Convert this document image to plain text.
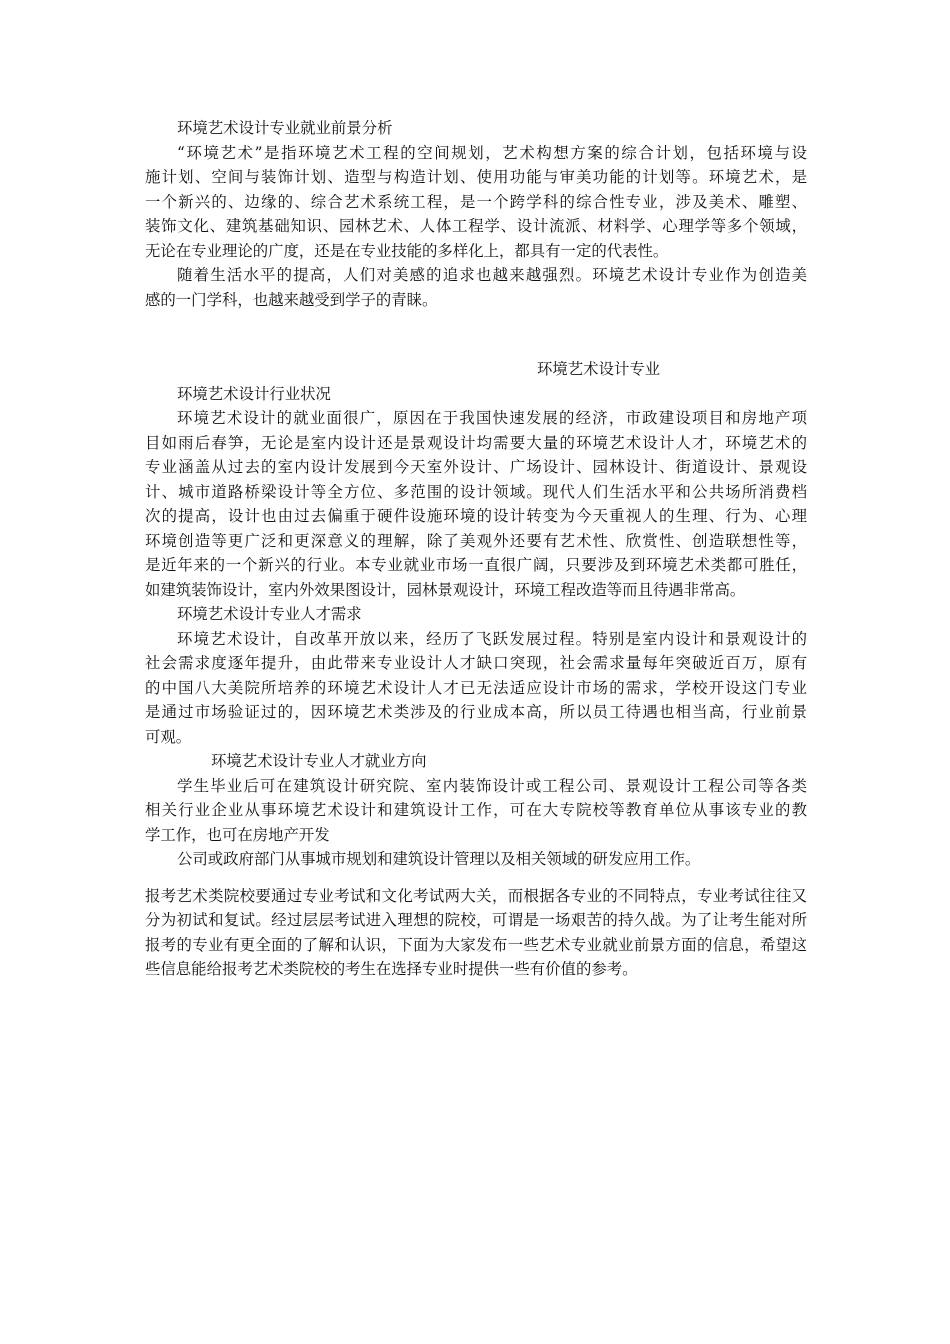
环境艺术设计专业就业前景分析
“环境艺术”是指环境艺术工程的空间规划，艺术构想方案的综合计划，包括环境与设
施计划、空间与装饰计划、造型与构造计划、使用功能与审美功能的计划等。环境艺术，是
一个新兴的、边缘的、综合艺术系统工程，是一个跨学科的综合性专业，涉及美术、雕塑、
装饰文化、建筑基础知识、园林艺术、人体工程学、设计流派、材料学、心理学等多个领域，
无论在专业理论的广度，还是在专业技能的多样化上，都具有一定的代表性。
随着生活水平的提高，人们对美感的追求也越来越强烈。环境艺术设计专业作为创造美
感的一门学科，也越来越受到学子的青睐。
环境艺术设计专业
环境艺术设计行业状况
环境艺术设计的就业面很广，原因在于我国快速发展的经济，市政建设项目和房地产项
目如雨后春笋，无论是室内设计还是景观设计均需要大量的环境艺术设计人才，环境艺术的
专业涵盖从过去的室内设计发展到今天室外设计、广场设计、园林设计、街道设计、景观设
计、城市道路桥梁设计等全方位、多范围的设计领域。现代人们生活水平和公共场所消费档
次的提高，设计也由过去偏重于硬件设施环境的设计转变为今天重视人的生理、行为、心理
环境创造等更广泛和更深意义的理解，除了美观外还要有艺术性、欣赏性、创造联想性等，
是近年来的一个新兴的行业。本专业就业市场一直很广阔，只要涉及到环境艺术类都可胜任，
如建筑装饰设计，室内外效果图设计，园林景观设计，环境工程改造等而且待遇非常高。
环境艺术设计专业人才需求
环境艺术设计，自改革开放以来，经历了飞跃发展过程。特别是室内设计和景观设计的
社会需求度逐年提升，由此带来专业设计人才缺口突现，社会需求量每年突破近百万，原有
的中国八大美院所培养的环境艺术设计人才已无法适应设计市场的需求，学校开设这门专业
是通过市场验证过的，因环境艺术类涉及的行业成本高，所以员工待遇也相当高，行业前景
可观。
环境艺术设计专业人才就业方向
学生毕业后可在建筑设计研究院、室内装饰设计或工程公司、景观设计工程公司等各类
相关行业企业从事环境艺术设计和建筑设计工作，可在大专院校等教育单位从事该专业的教
学工作，也可在房地产开发
公司或政府部门从事城市规划和建筑设计管理以及相关领域的研发应用工作。
报考艺术类院校要通过专业考试和文化考试两大关，而根据各专业的不同特点，专业考试往往又
分为初试和复试。经过层层考试进入理想的院校，可谓是一场艰苦的持久战。为了让考生能对所
报考的专业有更全面的了解和认识，下面为大家发布一些艺术专业就业前景方面的信息，希望这
些信息能给报考艺术类院校的考生在选择专业时提供一些有价值的参考。
